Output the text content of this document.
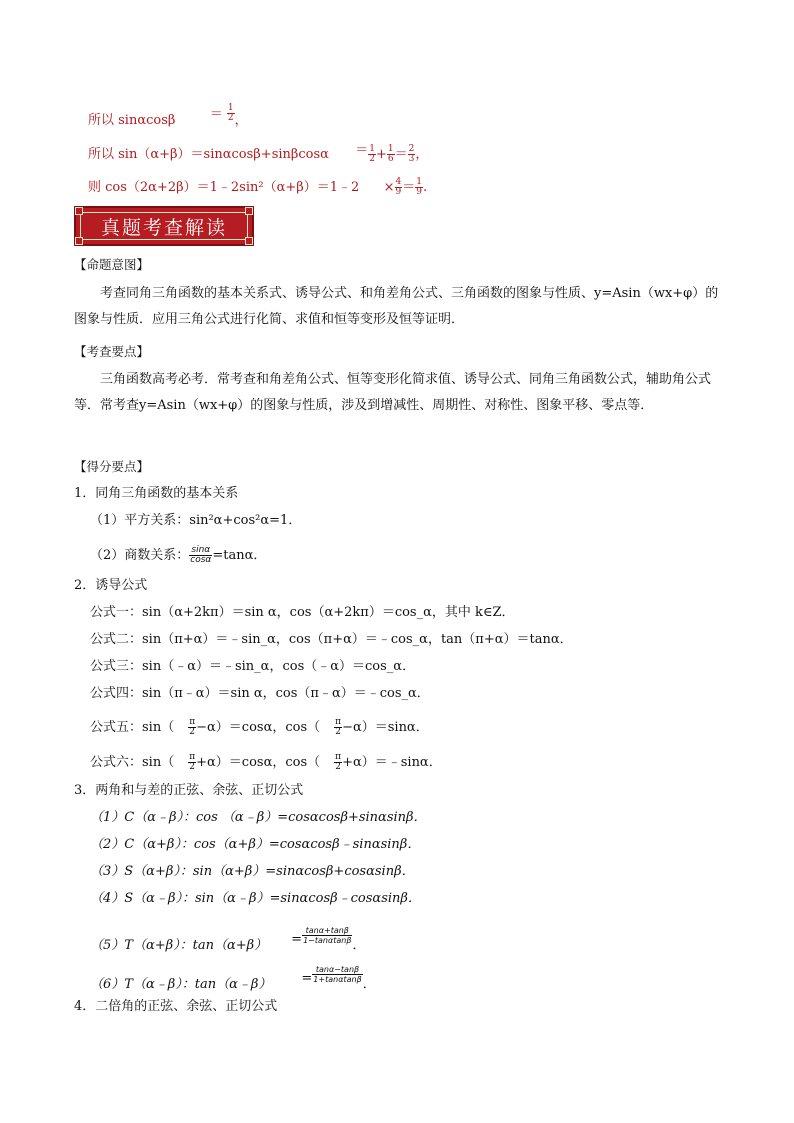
所以 sinαcosβ	＝ $\frac{1}{2}$ ，
所以 $\sin(\alpha+\beta)=\sin\alpha\cos\beta+\sin\beta\cos\alpha = \frac{1}{2} + \frac{1}{6} = \frac{2}{3}$ ，
则 cos（2α+2β）＝1﹣2sin²（α+β）＝1﹣2 × $\frac{4}{9} = \frac{1}{9}$ .
真题考查解读
【命题意图】
考查同角三角函数的基本关系式、诱导公式、和角差角公式、三角函数的图象与性质、y=Asin（wx+φ）的图象与性质．应用三角公式进行化简、求值和恒等变形及恒等证明．
【考查要点】
三角函数高考必考．常考查和角差角公式、恒等变形化简求值、诱导公式、同角三角函数公式，辅助角公式等．常考查y=Asin（wx+φ）的图象与性质，涉及到增减性、周期性、对称性、图象平移、零点等．
【得分要点】
1．同角三角函数的基本关系
（1）平方关系：sin²α+cos²α=1．
（2）商数关系： $\frac{\sin\alpha}{\cos\alpha} =\tan\alpha$．
2．诱导公式
公式一：sin（α+2kπ）＝sin α，cos（α+2kπ）＝cos_α，其中 k∈Z．
公式二：sin（π+α）＝﹣sin_α，cos（π+α）＝﹣cos_α，tan（π+α）＝tanα．
公式三：sin（﹣α）＝﹣sin_α，cos（﹣α）＝cos_α．
公式四：sin（π﹣α）＝sin α，cos（π﹣α）＝﹣cos_α．
公式五：$\sin( \frac{\pi}{2} -\alpha)=\cos\alpha$，$\cos( \frac{\pi}{2} -\alpha)=\sin\alpha$．
公式六：$\sin( \frac{\pi}{2} +\alpha)=\cos\alpha$，$\cos( \frac{\pi}{2}$ +α）＝﹣sinα．
3．两角和与差的正弦、余弦、正切公式
（1）C（α﹣β）：cos （α﹣β）=cosαcosβ+sinαsinβ．
（2）C（α+β）：cos（α+β）=cosαcosβ﹣sinαsinβ．
（3）S（α+β）：sin（α+β）=sinαcosβ+cosαsinβ．
（4）S（α﹣β）：sin（α﹣β）=sinαcosβ﹣cosαsinβ．
（5）T（α+β）：$\tan(\alpha+\beta) = \frac{\tan\alpha+\tan\beta}{1-\tan\alpha\tan\beta}$
．
（6）T（α﹣β）：tan（α﹣β） = $\frac{\tan\alpha-\tan\beta}{1+\tan\alpha\tan\beta}$
．
4．二倍角的正弦、余弦、正切公式
